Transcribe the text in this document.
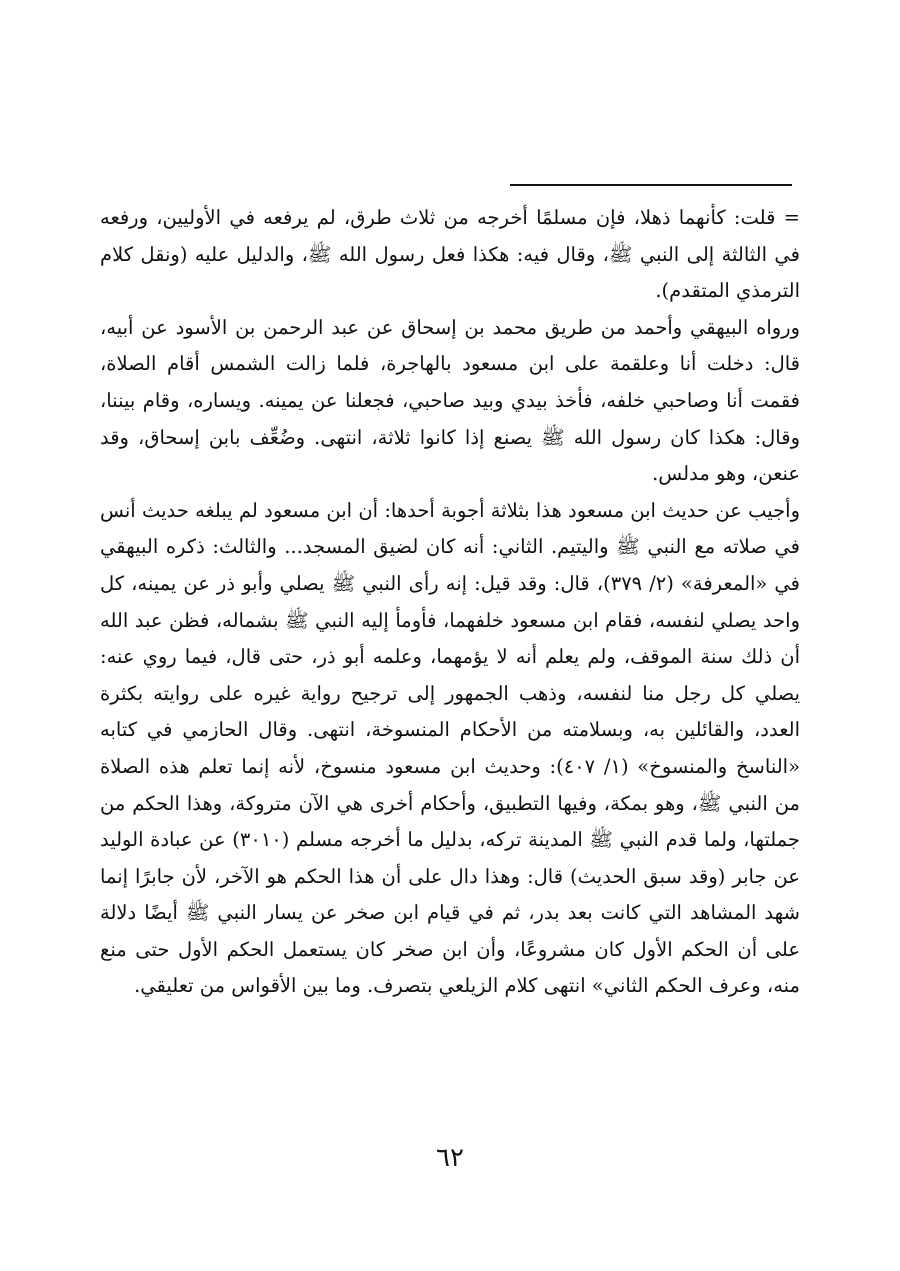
= قلت: كأنهما ذهلا، فإن مسلمًا أخرجه من ثلاث طرق، لم يرفعه في الأوليين، ورفعه في الثالثة إلى النبي ﷺ، وقال فيه: هكذا فعل رسول الله ﷺ، والدليل عليه (ونقل كلام الترمذي المتقدم).

ورواه البيهقي وأحمد من طريق محمد بن إسحاق عن عبد الرحمن بن الأسود عن أبيه، قال: دخلت أنا وعلقمة على ابن مسعود بالهاجرة، فلما زالت الشمس أقام الصلاة، فقمت أنا وصاحبي خلفه، فأخذ بيدي وبيد صاحبي، فجعلنا عن يمينه. ويساره، وقام بيننا، وقال: هكذا كان رسول الله ﷺ يصنع إذا كانوا ثلاثة، انتهى. وضُعِّف بابن إسحاق، وقد عنعن، وهو مدلس.

وأجيب عن حديث ابن مسعود هذا بثلاثة أجوبة أحدها: أن ابن مسعود لم يبلغه حديث أنس في صلاته مع النبي ﷺ واليتيم. الثاني: أنه كان لضيق المسجد... والثالث: ذكره البيهقي في «المعرفة» (٢/ ٣٧٩)، قال: وقد قيل: إنه رأى النبي ﷺ يصلي وأبو ذر عن يمينه، كل واحد يصلي لنفسه، فقام ابن مسعود خلفهما، فأومأ إليه النبي ﷺ بشماله، فظن عبد الله أن ذلك سنة الموقف، ولم يعلم أنه لا يؤمهما، وعلمه أبو ذر، حتى قال، فيما روي عنه: يصلي كل رجل منا لنفسه، وذهب الجمهور إلى ترجيح رواية غيره على روايته بكثرة العدد، والقائلين به، وبسلامته من الأحكام المنسوخة، انتهى. وقال الحازمي في كتابه «الناسخ والمنسوخ» (١/ ٤٠٧): وحديث ابن مسعود منسوخ، لأنه إنما تعلم هذه الصلاة من النبي ﷺ، وهو بمكة، وفيها التطبيق، وأحكام أخرى هي الآن متروكة، وهذا الحكم من جملتها، ولما قدم النبي ﷺ المدينة تركه، بدليل ما أخرجه مسلم (٣٠١٠) عن عبادة الوليد عن جابر (وقد سبق الحديث) قال: وهذا دال على أن هذا الحكم هو الآخر، لأن جابرًا إنما شهد المشاهد التي كانت بعد بدر، ثم في قيام ابن صخر عن يسار النبي ﷺ أيضًا دلالة على أن الحكم الأول كان مشروعًا، وأن ابن صخر كان يستعمل الحكم الأول حتى منع منه، وعرف الحكم الثاني» انتهى كلام الزيلعي بتصرف. وما بين الأقواس من تعليقي.

٦٢
